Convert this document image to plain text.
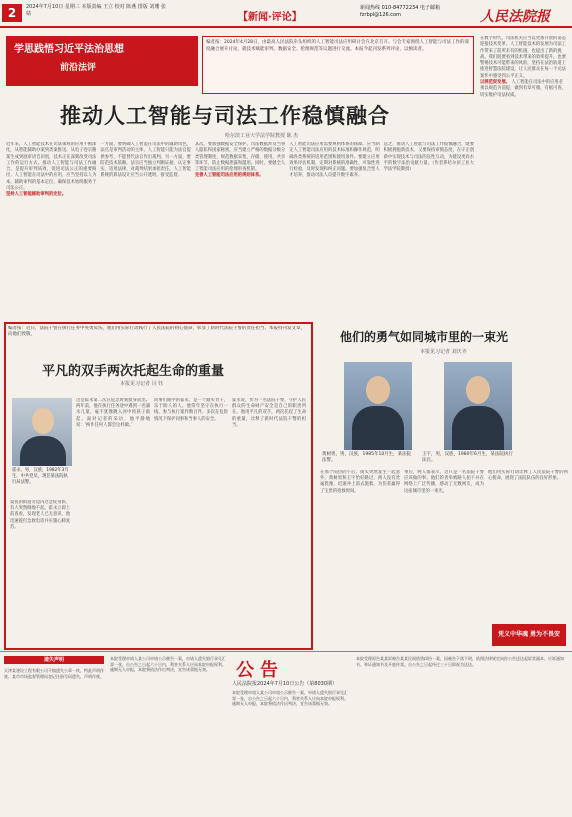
2	2024年7月10日 星期三 本版责编 王立 校对 陈燕 排版 刘珊 张婧	【新闻·评论】
新闻热线 010-84772234 电子邮箱 fzrbpl@126.com	人民法院报
学思践悟习近平法治思想
前沿法评
编者按：2024年4月28日，由最高人民法院牵头组织的人工智能司法应用研讨会在北京召开。与会专家围绕人工智能与司法工作的深度融合展开讨论，就技术赋能审判、数据安全、伦理规范等议题进行交流。本报今起刊发系列评论，以飨读者。
推动人工智能与司法工作稳慎融合
哈尔滨工业大学法学院教授 陈 杰
近年来，人工智能技术在司法领域的应用不断深化，从智能辅助办案到类案推送，从电子卷宗随案生成到庭审语音识别，技术正在深刻改变司法工作的运行方式。推动人工智能与司法工作融合，是提升审判质效、促进司法公正的重要路径。人工智能在司法中的应用，应当坚持以人为本、辅助审判的基本定位，确保技术始终服务于司法公正。
坚持人工智能辅助审判的定位。
一方面，要明确人工智能在司法中的辅助角色，法官是审判活动的主体，人工智能只能为法官提供参考，不能替代法官作出裁判。另一方面，要防范技术依赖，法官应当独立判断证据、认定事实、适用法律，对裁判结果承担责任。人工智能系统的算法设计应当公开透明，接受监督。
其次，要加强数据安全保护。司法数据涉及当事人隐私和国家秘密，应当建立严格的数据分级分类管理制度，规范数据采集、存储、使用、共享等环节，防止数据泄露和滥用。同时，要健全人工智能司法应用的伦理审查机制。
完善人工智能司法应用的规则体系。
人工智能司法应用需要规则体系的保障。应当制定人工智能司法应用的技术标准和操作规范，明确各类系统的适用范围和使用条件。要建立应用效果评估机制，定期对系统的准确性、可靠性进行检验，及时发现和纠正问题。要加强复合型人才培养，推动司法人员提升数字素养。
总之，推动人工智能与司法工作稳慎融合，既要积极拥抱新技术，又要保持审慎态度，在守正创新中实现技术与司法的良性互动，为建设更高水平的数字法治贡献力量。（作者系哈尔滨工业大学法学院教授）
在数字时代，司法机关应当以更加开放的姿态迎接技术变革。人工智能技术的发展为司法工作带来了前所未有的机遇，也提出了新的挑战。我们既要看到技术带来的效率提升，也要警惕技术可能带来的风险，坚持在法治轨道上推进智慧法院建设，让人民群众在每一个司法案件中感受到公平正义。
以规范促发展。 人工智能在司法中的应用必须以规范为前提，做到有章可循、有据可查，切实维护司法权威。
编者按：近日，法院干警在执行任务中英勇负伤。他们用实际行动践行了人民法院的初心使命，彰显了新时代法院干警的责任担当。本报特刊发文章，向他们致敬。
平凡的双手两次托起生命的重量
本报见习记者 闫 钰
霍永，男，汉族，1982年3月生，中共党员，现任某法院执行局法警。
夏夜的街道旁边闪过急促身影，有人突然倒地不起。霍永立即上前查看，发现老人已无意识，他迅速拨打急救电话并实施心肺复苏。
这是霍永第二次在危急时刻挺身而出。两年前，他在执行任务途中遇到一名溺水儿童，毫不犹豫跳入河中将孩子救起。面对记者的采访，他平静地说：‘换作任何人都会这样做。’
同事们眼中的霍永，是一个踏实肯干、乐于助人的人。他常年坚守在执行一线，参与执行案件数百件，多次在危险情况下保护同事和当事人的安全。
霍永说，作为一名法院干警，守护人民群众的生命财产安全是自己的职责所在。他用平凡的双手，两次托起了生命的重量，诠释了新时代法院干警的担当。
他们的勇气如同城市里的一束光
本报见习记者 刘庆齐
黄树勇，男，汉族，1985年10月生，某法院法警。
王宇，男，汉族，1980年6月生，某法院执行法官。
在那个闷热的午后，街头突然发生一起意外。黄树勇和王宇恰好路过，两人没有丝毫犹豫，迅速冲上前去施救，为伤者赢得了宝贵的抢救时间。
事后，两人都表示，这只是一名法院干警应该做的事。他们的善举被路人拍下并在网络上广泛传播，感动了无数网友，成为这座城市里的一束光。
他们用实际行动诠释了人民法院干警的初心使命，展现了法院队伍的良好形象。
凭义中华魂 勇为不畏安
遗失声明
天津某建设工程有限公司不慎遗失公章一枚，特此声明作废。某市市场监督管理局登记注册号码遗失，声明作废。
本院受理申请人某公司申请公示催告一案，申请人遗失银行承兑汇票一张，自公告之日起六十日内，利害关系人应向本院申报权利。逾期无人申报，本院将依法作出判决，宣告该票据无效。	公告
人民法院报2024年7月10日公告（第8030期）
本院受理申请人某公司申请公示催告一案，申请人遗失银行承兑汇票一张，自公告之日起六十日内，利害关系人应向本院申报权利。逾期无人申报，本院将依法作出判决，宣告该票据无效。
本院受理原告某某诉被告某某民间借贷纠纷一案，因被告下落不明，依照法律规定向你公告送达起诉状副本、应诉通知书、举证通知书及开庭传票。自公告之日起经过三十日即视为送达。
